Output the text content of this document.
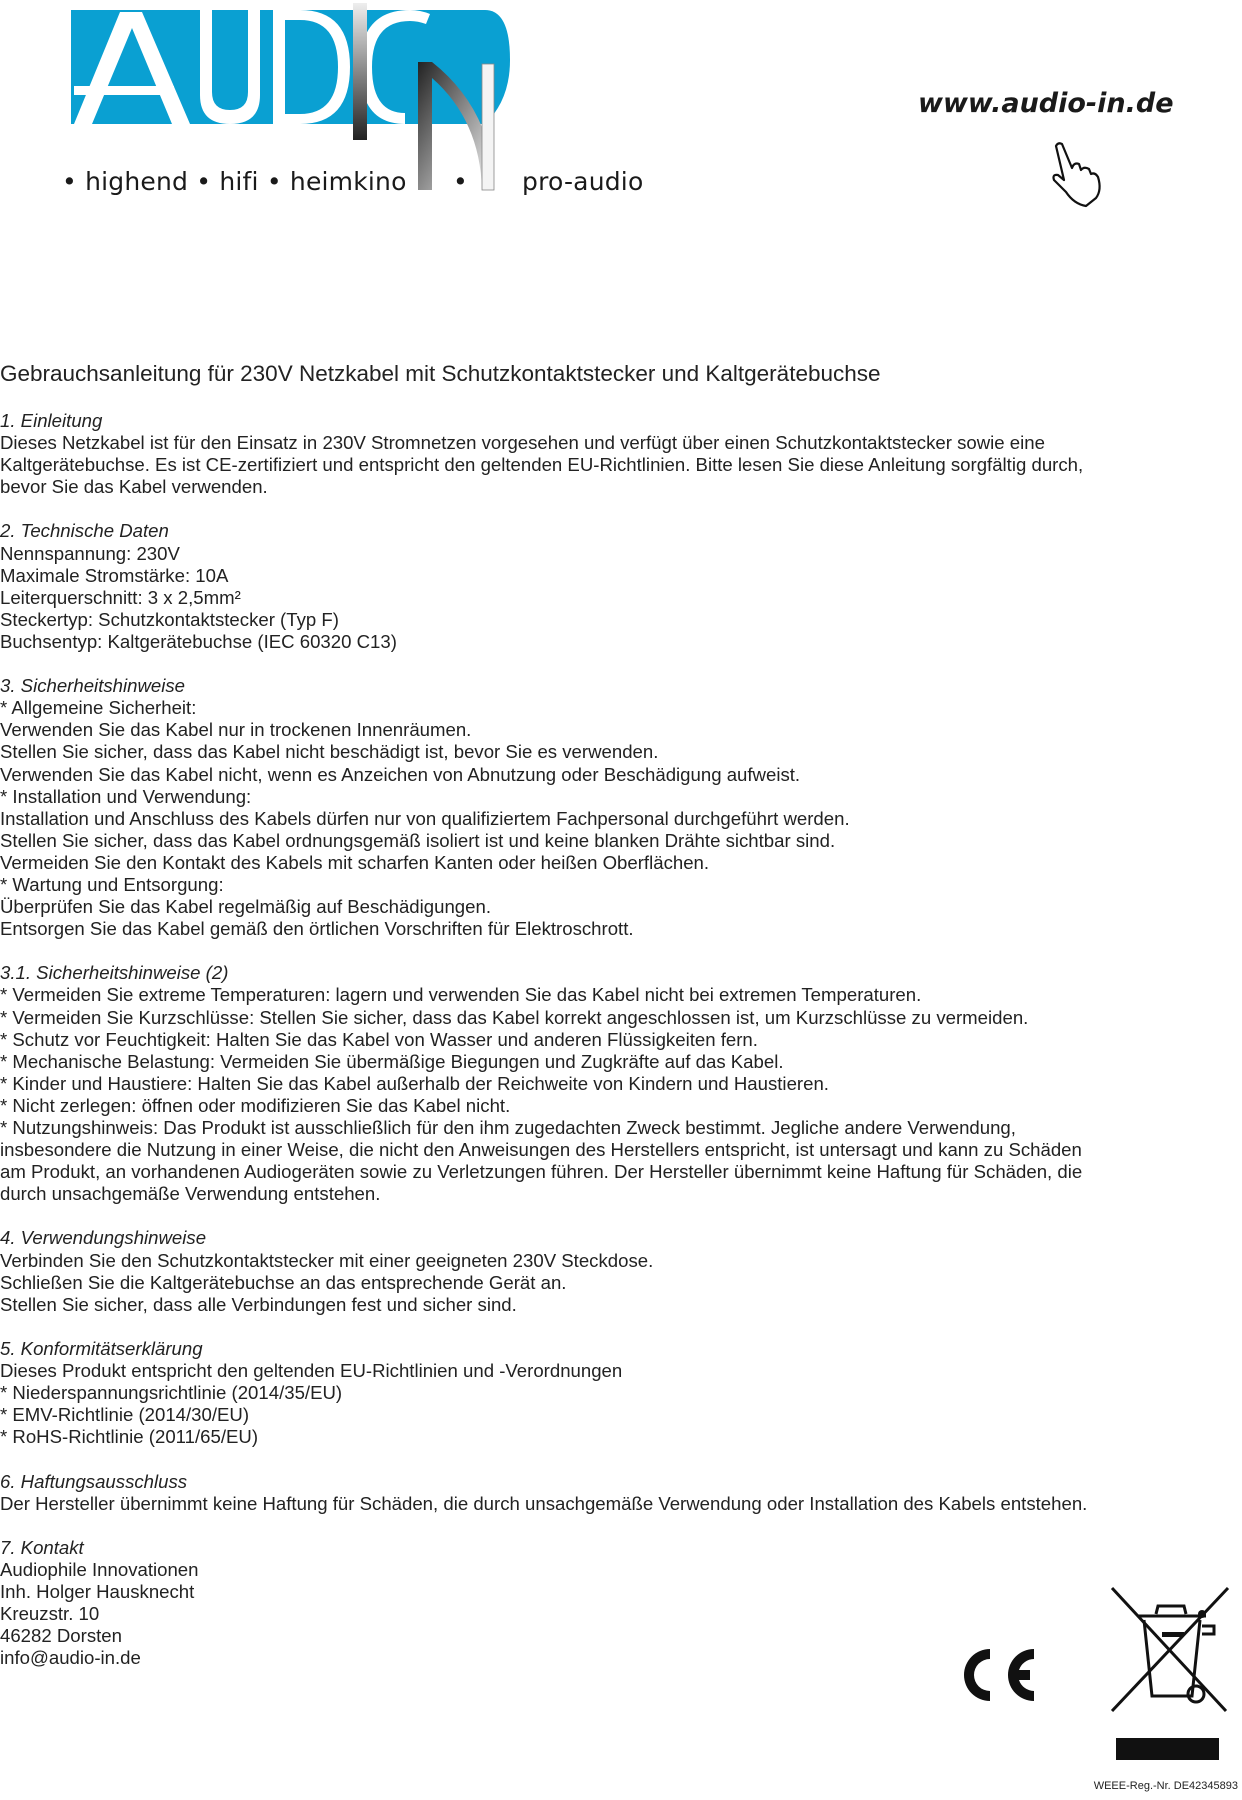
• highend • hifi • heimkino • pro-audio
www.audio-in.de
Gebrauchsanleitung für 230V Netzkabel mit Schutzkontaktstecker und Kaltgerätebuchse
1. Einleitung
Dieses Netzkabel ist für den Einsatz in 230V Stromnetzen vorgesehen und verfügt über einen Schutzkontaktstecker sowie eine
Kaltgerätebuchse. Es ist CE-zertifiziert und entspricht den geltenden EU-Richtlinien. Bitte lesen Sie diese Anleitung sorgfältig durch,
bevor Sie das Kabel verwenden.
2. Technische Daten
Nennspannung: 230V
Maximale Stromstärke: 10A
Leiterquerschnitt: 3 x 2,5mm²
Steckertyp: Schutzkontaktstecker (Typ F)
Buchsentyp: Kaltgerätebuchse (IEC 60320 C13)
3. Sicherheitshinweise
* Allgemeine Sicherheit:
Verwenden Sie das Kabel nur in trockenen Innenräumen.
Stellen Sie sicher, dass das Kabel nicht beschädigt ist, bevor Sie es verwenden.
Verwenden Sie das Kabel nicht, wenn es Anzeichen von Abnutzung oder Beschädigung aufweist.
* Installation und Verwendung:
Installation und Anschluss des Kabels dürfen nur von qualifiziertem Fachpersonal durchgeführt werden.
Stellen Sie sicher, dass das Kabel ordnungsgemäß isoliert ist und keine blanken Drähte sichtbar sind.
Vermeiden Sie den Kontakt des Kabels mit scharfen Kanten oder heißen Oberflächen.
* Wartung und Entsorgung:
Überprüfen Sie das Kabel regelmäßig auf Beschädigungen.
Entsorgen Sie das Kabel gemäß den örtlichen Vorschriften für Elektroschrott.
3.1. Sicherheitshinweise (2)
* Vermeiden Sie extreme Temperaturen: lagern und verwenden Sie das Kabel nicht bei extremen Temperaturen.
* Vermeiden Sie Kurzschlüsse: Stellen Sie sicher, dass das Kabel korrekt angeschlossen ist, um Kurzschlüsse zu vermeiden.
* Schutz vor Feuchtigkeit: Halten Sie das Kabel von Wasser und anderen Flüssigkeiten fern.
* Mechanische Belastung: Vermeiden Sie übermäßige Biegungen und Zugkräfte auf das Kabel.
* Kinder und Haustiere: Halten Sie das Kabel außerhalb der Reichweite von Kindern und Haustieren.
* Nicht zerlegen: öffnen oder modifizieren Sie das Kabel nicht.
* Nutzungshinweis: Das Produkt ist ausschließlich für den ihm zugedachten Zweck bestimmt. Jegliche andere Verwendung,
insbesondere die Nutzung in einer Weise, die nicht den Anweisungen des Herstellers entspricht, ist untersagt und kann zu Schäden
am Produkt, an vorhandenen Audiogeräten sowie zu Verletzungen führen. Der Hersteller übernimmt keine Haftung für Schäden, die
durch unsachgemäße Verwendung entstehen.
4. Verwendungshinweise
Verbinden Sie den Schutzkontaktstecker mit einer geeigneten 230V Steckdose.
Schließen Sie die Kaltgerätebuchse an das entsprechende Gerät an.
Stellen Sie sicher, dass alle Verbindungen fest und sicher sind.
5. Konformitätserklärung
Dieses Produkt entspricht den geltenden EU-Richtlinien und -Verordnungen
* Niederspannungsrichtlinie (2014/35/EU)
* EMV-Richtlinie (2014/30/EU)
* RoHS-Richtlinie (2011/65/EU)
6. Haftungsausschluss
Der Hersteller übernimmt keine Haftung für Schäden, die durch unsachgemäße Verwendung oder Installation des Kabels entstehen.
7. Kontakt
Audiophile Innovationen
Inh. Holger Hausknecht
Kreuzstr. 10
46282 Dorsten
info@audio-in.de
WEEE-Reg.-Nr. DE42345893
